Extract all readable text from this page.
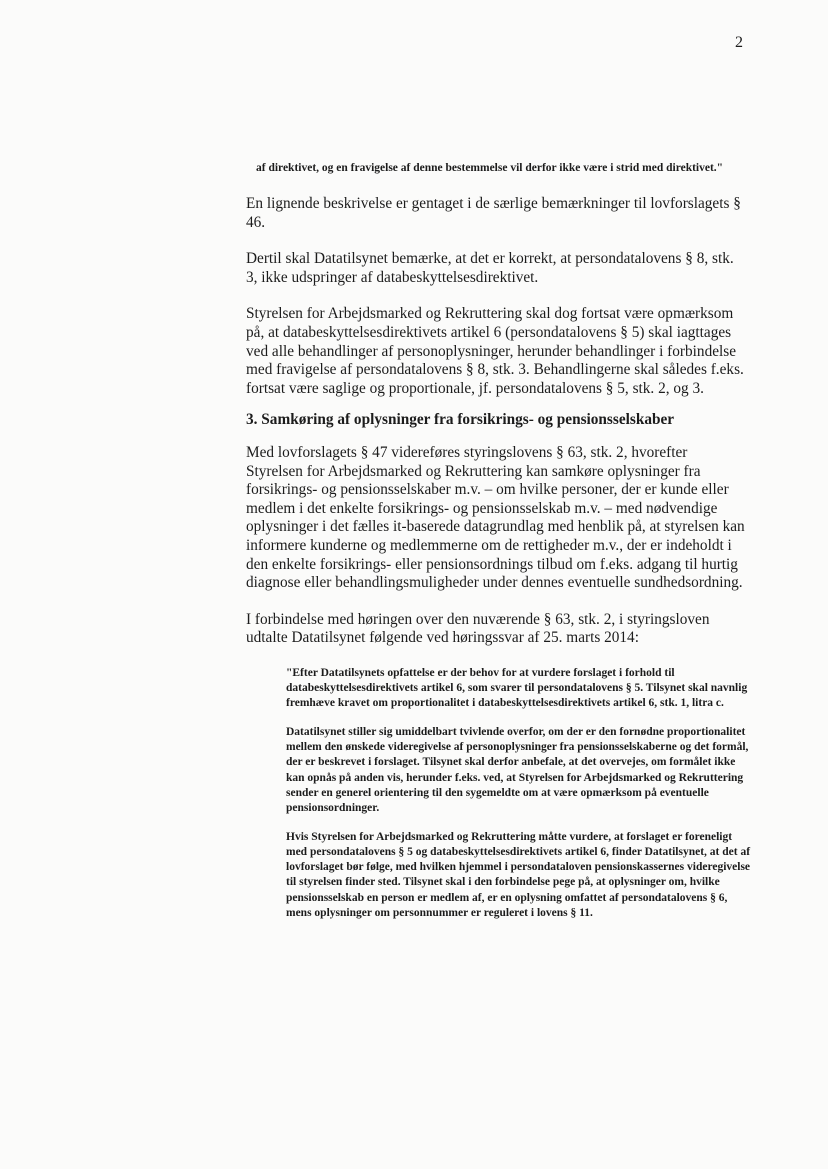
2

af direktivet, og en fravigelse af denne bestemmelse vil derfor ikke være i strid med direktivet."

En lignende beskrivelse er gentaget i de særlige bemærkninger til lovforslagets § 46.

Dertil skal Datatilsynet bemærke, at det er korrekt, at persondatalovens § 8, stk. 3, ikke udspringer af databeskyttelsesdirektivet.

Styrelsen for Arbejdsmarked og Rekruttering skal dog fortsat være opmærksom på, at databeskyttelsesdirektivets artikel 6 (persondatalovens § 5) skal iagttages ved alle behandlinger af personoplysninger, herunder behandlinger i forbindelse med fravigelse af persondatalovens § 8, stk. 3. Behandlingerne skal således f.eks. fortsat være saglige og proportionale, jf. persondatalovens § 5, stk. 2, og 3.

3. Samkøring af oplysninger fra forsikrings- og pensionsselskaber

Med lovforslagets § 47 videreføres styringslovens § 63, stk. 2, hvorefter Styrelsen for Arbejdsmarked og Rekruttering kan samkøre oplysninger fra forsikrings- og pensionsselskaber m.v. – om hvilke personer, der er kunde eller medlem i det enkelte forsikrings- og pensionsselskab m.v. – med nødvendige oplysninger i det fælles it-baserede datagrundlag med henblik på, at styrelsen kan informere kunderne og medlemmerne om de rettigheder m.v., der er indeholdt i den enkelte forsikrings- eller pensionsordnings tilbud om f.eks. adgang til hurtig diagnose eller behandlingsmuligheder under dennes eventuelle sundhedsordning.

I forbindelse med høringen over den nuværende § 63, stk. 2, i styringsloven udtalte Datatilsynet følgende ved høringssvar af 25. marts 2014:

"Efter Datatilsynets opfattelse er der behov for at vurdere forslaget i forhold til databeskyttelsesdirektivets artikel 6, som svarer til persondatalovens § 5. Tilsynet skal navnlig fremhæve kravet om proportionalitet i databeskyttelsesdirektivets artikel 6, stk. 1, litra c.

Datatilsynet stiller sig umiddelbart tvivlende overfor, om der er den fornødne proportionalitet mellem den ønskede videregivelse af personoplysninger fra pensionsselskaberne og det formål, der er beskrevet i forslaget. Tilsynet skal derfor anbefale, at det overvejes, om formålet ikke kan opnås på anden vis, herunder f.eks. ved, at Styrelsen for Arbejdsmarked og Rekruttering sender en generel orientering til den sygemeldte om at være opmærksom på eventuelle pensionsordninger.

Hvis Styrelsen for Arbejdsmarked og Rekruttering måtte vurdere, at forslaget er foreneligt med persondatalovens § 5 og databeskyttelsesdirektivets artikel 6, finder Datatilsynet, at det af lovforslaget bør følge, med hvilken hjemmel i persondataloven pensionskassernes videregivelse til styrelsen finder sted. Tilsynet skal i den forbindelse pege på, at oplysninger om, hvilke pensionsselskab en person er medlem af, er en oplysning omfattet af persondatalovens § 6, mens oplysninger om personnummer er reguleret i lovens § 11.
